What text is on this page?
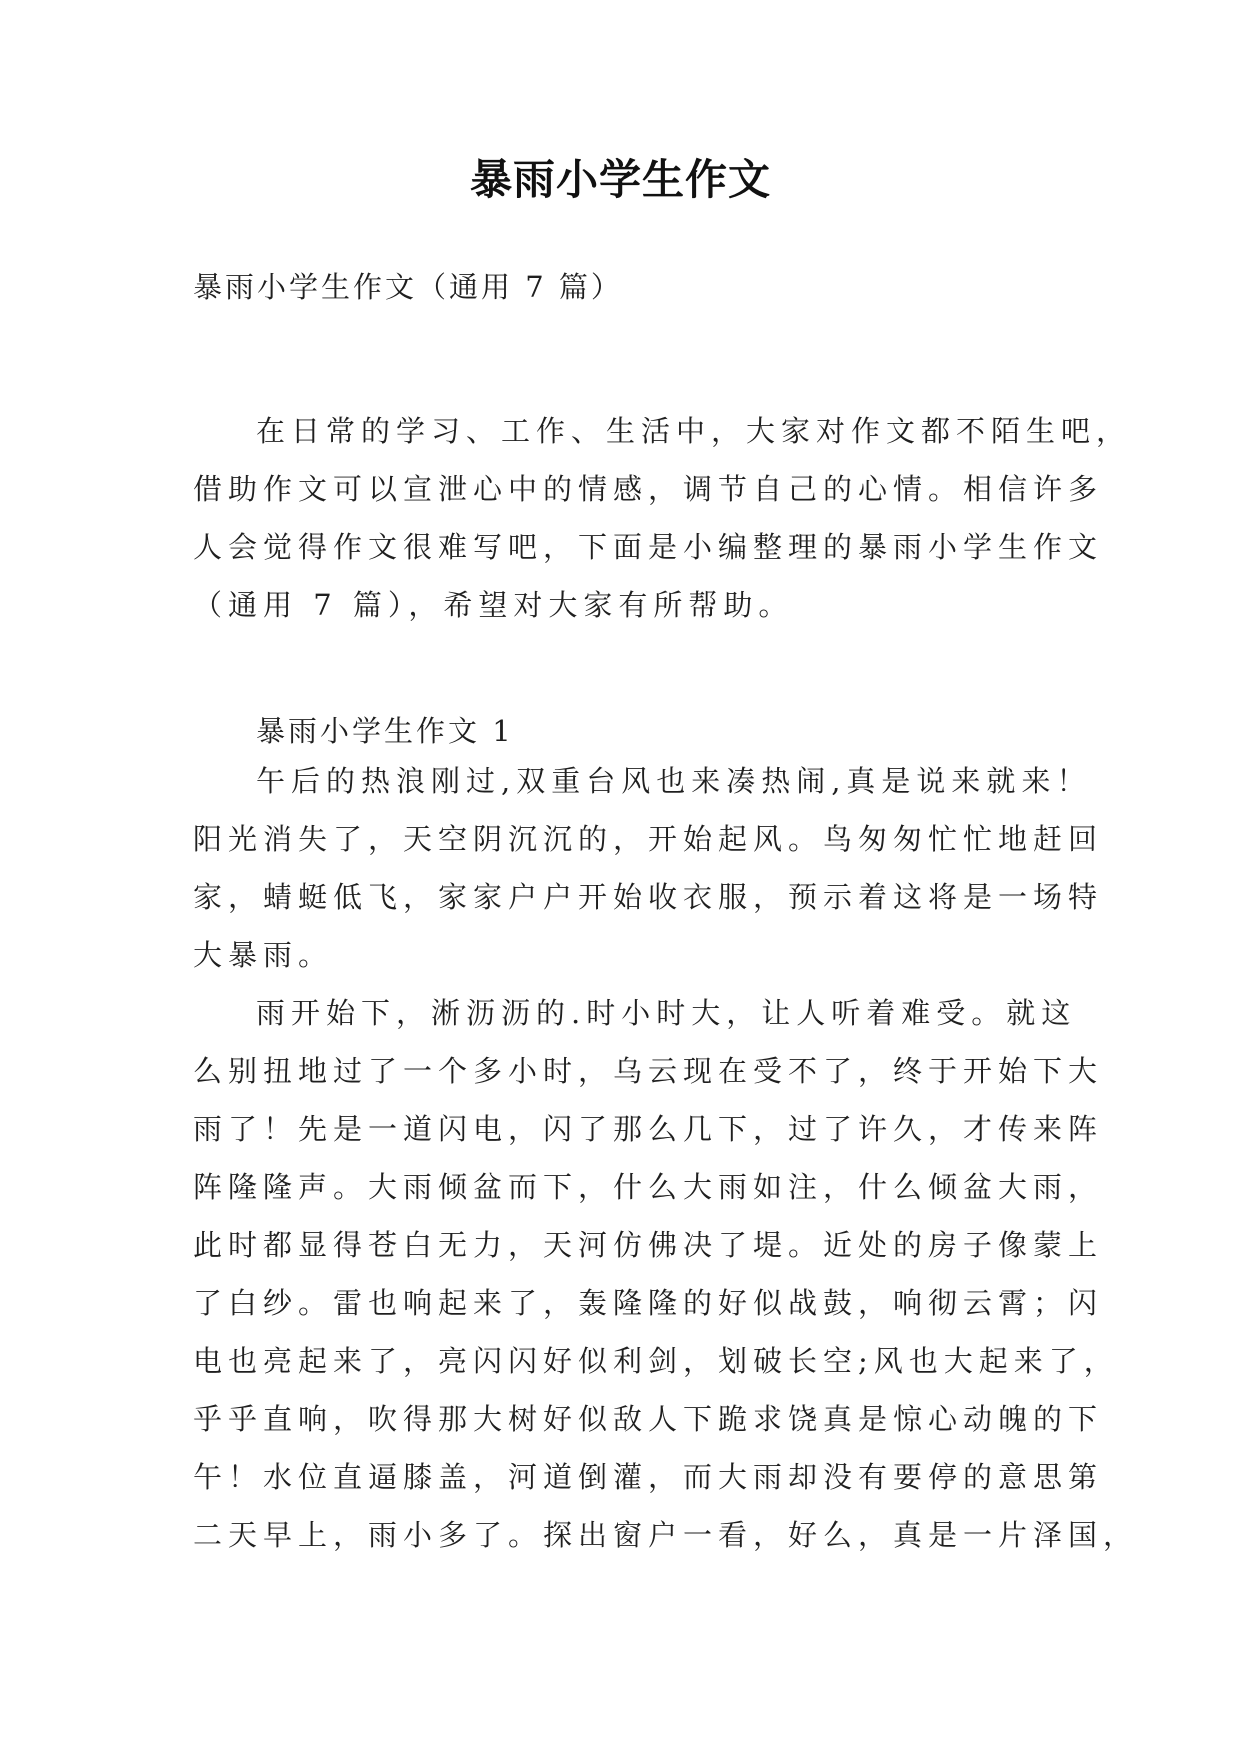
暴雨小学生作文
暴雨小学生作文（通用 7 篇）
在日常的学习、工作、生活中，大家对作文都不陌生吧，
借助作文可以宣泄心中的情感，调节自己的心情。相信许多
人会觉得作文很难写吧，下面是小编整理的暴雨小学生作文
（通用 7 篇），希望对大家有所帮助。
暴雨小学生作文 1
午后的热浪刚过,双重台风也来凑热闹,真是说来就来！
阳光消失了，天空阴沉沉的，开始起风。鸟匆匆忙忙地赶回
家，蜻蜓低飞，家家户户开始收衣服，预示着这将是一场特
大暴雨。
雨开始下，淅沥沥的.时小时大，让人听着难受。就这
么别扭地过了一个多小时，乌云现在受不了，终于开始下大
雨了！先是一道闪电，闪了那么几下，过了许久，才传来阵
阵隆隆声。大雨倾盆而下，什么大雨如注，什么倾盆大雨，
此时都显得苍白无力，天河仿佛决了堤。近处的房子像蒙上
了白纱。雷也响起来了，轰隆隆的好似战鼓，响彻云霄；闪
电也亮起来了，亮闪闪好似利剑，划破长空;风也大起来了，
乎乎直响，吹得那大树好似敌人下跪求饶真是惊心动魄的下
午！水位直逼膝盖，河道倒灌，而大雨却没有要停的意思第
二天早上，雨小多了。探出窗户一看，好么，真是一片泽国，
